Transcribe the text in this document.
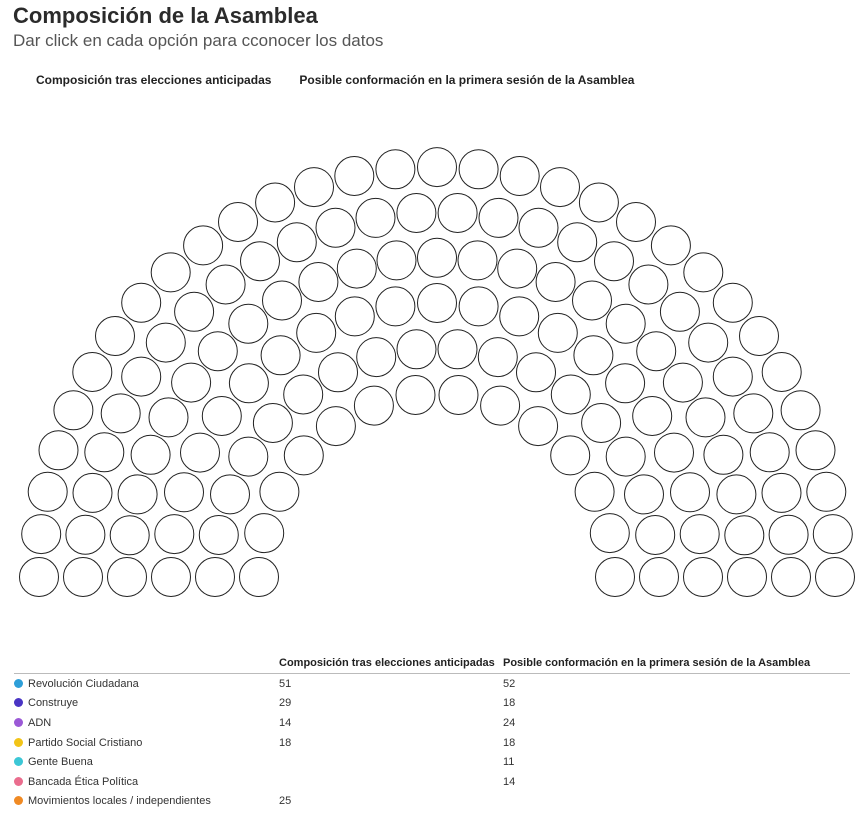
Composición de la Asamblea
Dar click en cada opción para cconocer los datos
Composición tras elecciones anticipadas Posible conformación en la primera sesión de la Asamblea
	Composición tras elecciones anticipadas	Posible conformación en la primera sesión de la Asamblea
Revolución Ciudadana	51	52
Construye	29	18
ADN	14	24
Partido Social Cristiano	18	18
Gente Buena		11
Bancada Ética Política		14
Movimientos locales / independientes	25	
